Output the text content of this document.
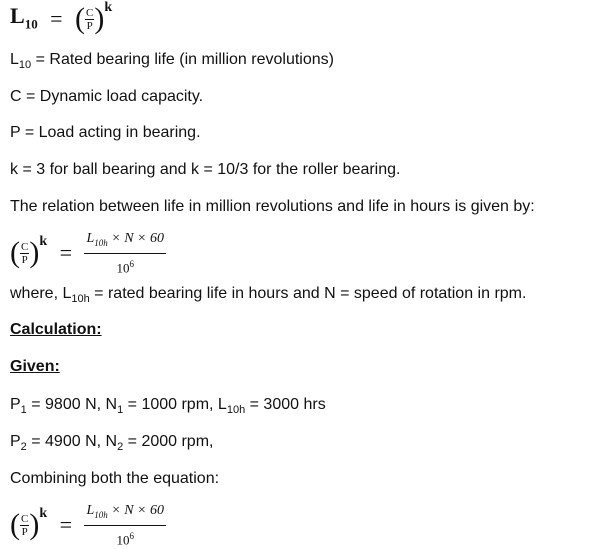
$L_{10}$ = ( $\frac{C}{P} )k$
$L_{10}$ = Rated bearing life (in million revolutions)
C = Dynamic load capacity.
P = Load acting in bearing.
k = 3 for ball bearing and k = 10/3 for the roller bearing.
The relation between life in million revolutions and life in hours is given by:
( $\frac{C}{P} )k = \frac{L_{10h} \times N \times 60}{10^6}$
where, $L_{10h}$ = rated bearing life in hours and N = speed of rotation in rpm.
Calculation:
Given:
$P_1 = 9800$ N, $N_1 = 1000$ rpm, $L_{10h} = 3000$ hrs
$P_2 = 4900$ N, $N_2 = 2000$ rpm,
Combining both the equation:
( $\frac{C}{P} )k = \frac{L_{10h} \times N \times 60}{10^6}$
